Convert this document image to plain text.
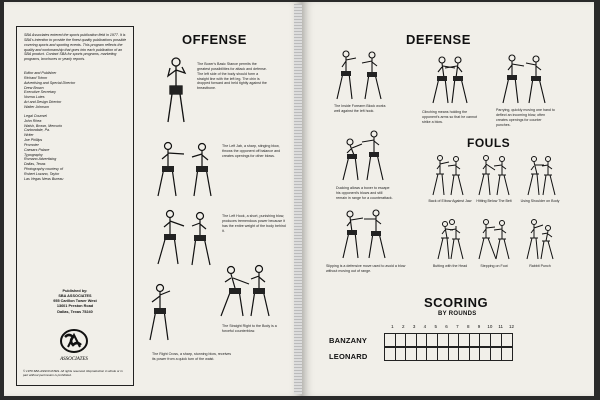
SBA Associates entered the sports publication field in 1977. It is SBA's intention to provide the finest quality publications possible covering sports and sporting events. This program reflects the quality and workmanship that goes into each publication of an SBA product. Contact SBA for sports programs, marketing programs, brochures or yearly reports.
Editor and Publisher
Richard Trimm
Advertising and Special Director
Drew Brown
Executive Secretary
Norma Lutes
Art and Design Director
Walter Johnson
Legal Counsel
John Rhea
Walsh, Brown, Mercurio
Carbondale, Pa.
Writer
Joe Phillips
Promoter
Caesars Palace
Typography
Romano Advertising
Dallas, Texas
Photography courtesy of
Robert Lozano, Taylor
Las Vegas News Bureau
Published by:
SBA ASSOCIATES
955 Carillon Tower West
13601 Preston Road
Dallas, Texas 75240
ASSOCIATES
© 1979 SBA ASSOCIATES. All rights reserved. Reproduction in whole or in part without permission is prohibited.
OFFENSE
The Boxer's Basic Stance permits the greatest possibilities for attack and defense. The left side of the body should form a straight line with the left leg. The chin is dropped forward and held tightly against the breastbone.
The Left Jab, a sharp, stinging blow, throws the opponent off balance and creates openings for other blows.
The Left Hook, a short, punishing blow, produces tremendous power because it has the entire weight of the body behind it.
The Straight Right to the Body is a forceful counterblow.
The Right Cross, a sharp, stunning blow, receives its power from a quick turn of the waist.
DEFENSE
The Inside Forearm Block works well against the left hook.	Clinching means holding the opponent's arms so that he cannot strike a blow.
Parrying, quickly moving one hand to deflect an incoming blow, often creates openings for counter punches.
Ducking allows a boxer to escape his opponent's blows and still remain in range for a counterattack.
Slipping is a defensive move used to avoid a blow without moving out of range.
FOULS
Back of Elbow Against Jaw	Hitting Below The Belt	Using Shoulder on Body
Butting with the Head	Stepping on Foot	Rabbit Punch
SCORING
BY ROUNDS
1	2	3	4	5	6	7	8	9	10	11	12
BANZANY
LEONARD
